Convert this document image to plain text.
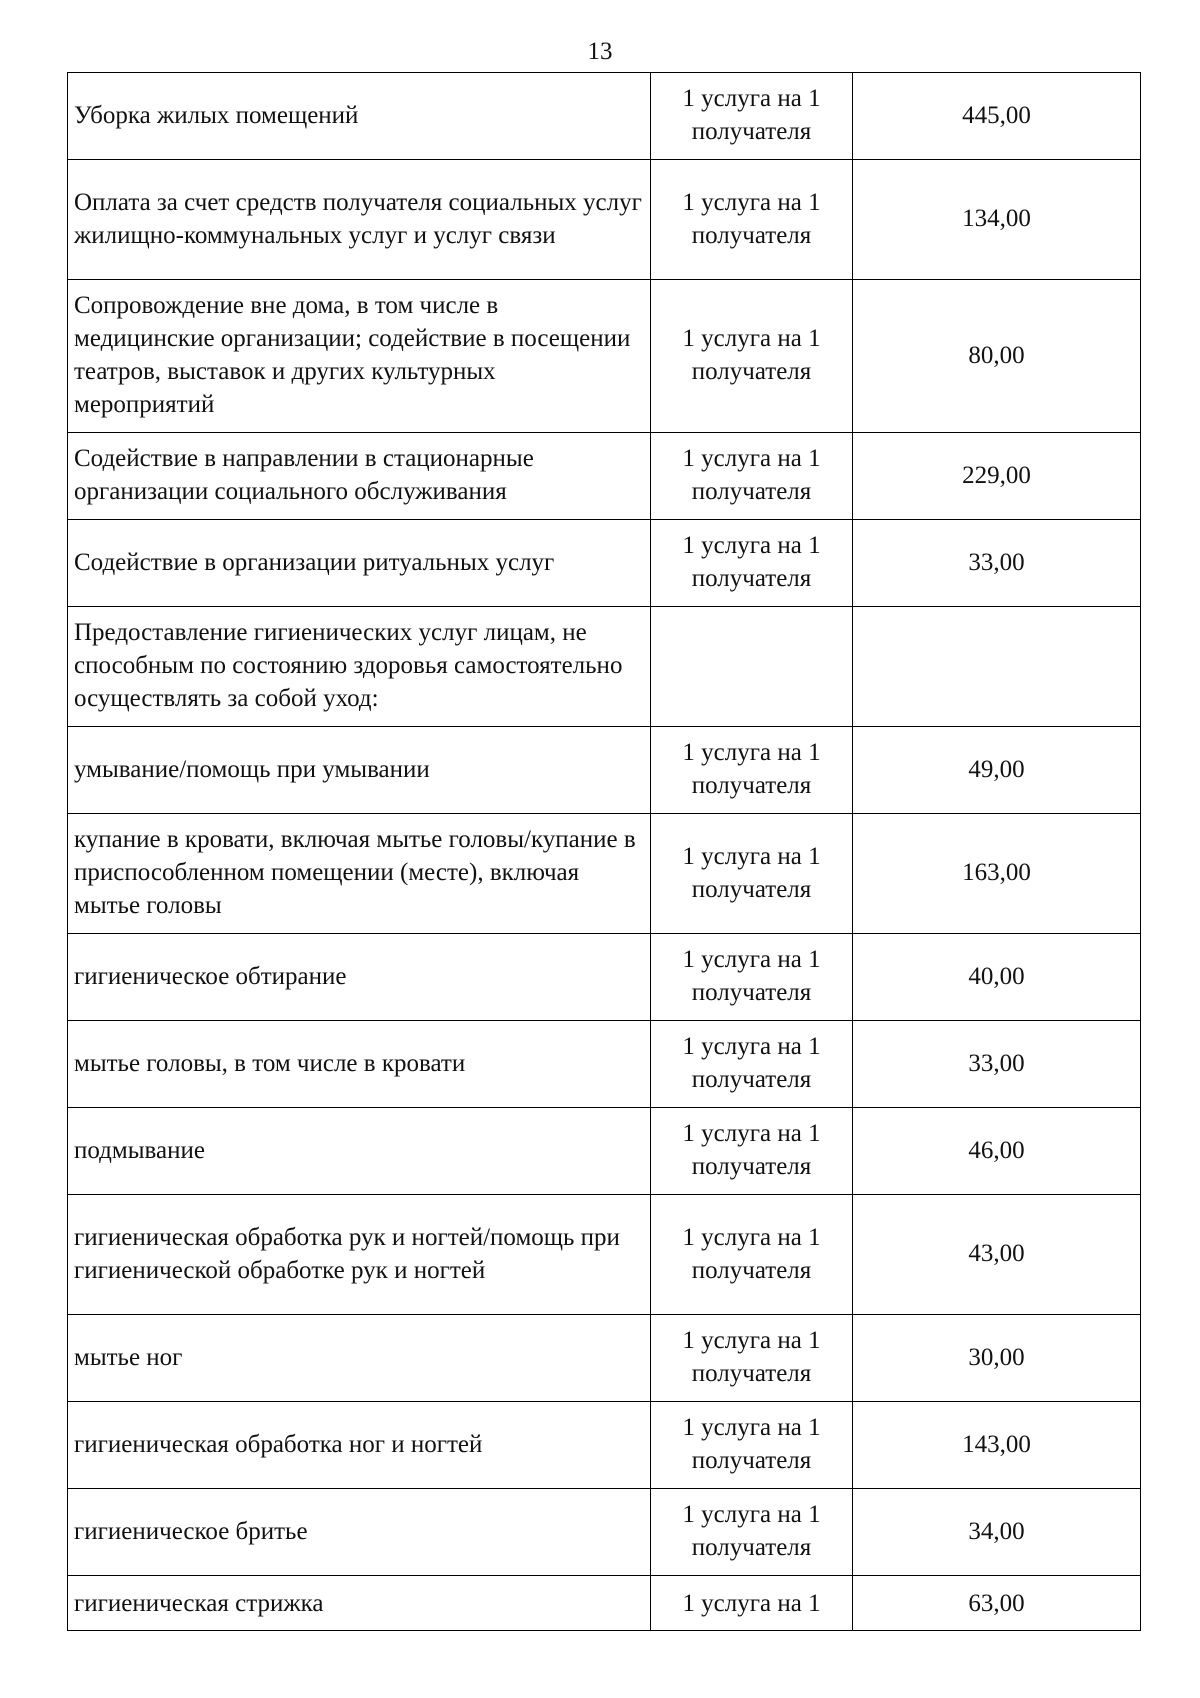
13
Уборка жилых помещений	1 услуга на 1 получателя	445,00
Оплата за счет средств получателя социальных услуг жилищно-коммунальных услуг и услуг связи	1 услуга на 1 получателя	134,00
Сопровождение вне дома, в том числе в медицинские организации; содействие в посещении театров, выставок и других культурных мероприятий	1 услуга на 1 получателя	80,00
Содействие в направлении в стационарные организации социального обслуживания	1 услуга на 1 получателя	229,00
Содействие в организации ритуальных услуг	1 услуга на 1 получателя	33,00
Предоставление гигиенических услуг лицам, не способным по состоянию здоровья самостоятельно осуществлять за собой уход:		
умывание/помощь при умывании	1 услуга на 1 получателя	49,00
купание в кровати, включая мытье головы/купание в приспособленном помещении (месте), включая мытье головы	1 услуга на 1 получателя	163,00
гигиеническое обтирание	1 услуга на 1 получателя	40,00
мытье головы, в том числе в кровати	1 услуга на 1 получателя	33,00
подмывание	1 услуга на 1 получателя	46,00
гигиеническая обработка рук и ногтей/помощь при гигиенической обработке рук и ногтей	1 услуга на 1 получателя	43,00
мытье ног	1 услуга на 1 получателя	30,00
гигиеническая обработка ног и ногтей	1 услуга на 1 получателя	143,00
гигиеническое бритье	1 услуга на 1 получателя	34,00
гигиеническая стрижка	1 услуга на 1	63,00
